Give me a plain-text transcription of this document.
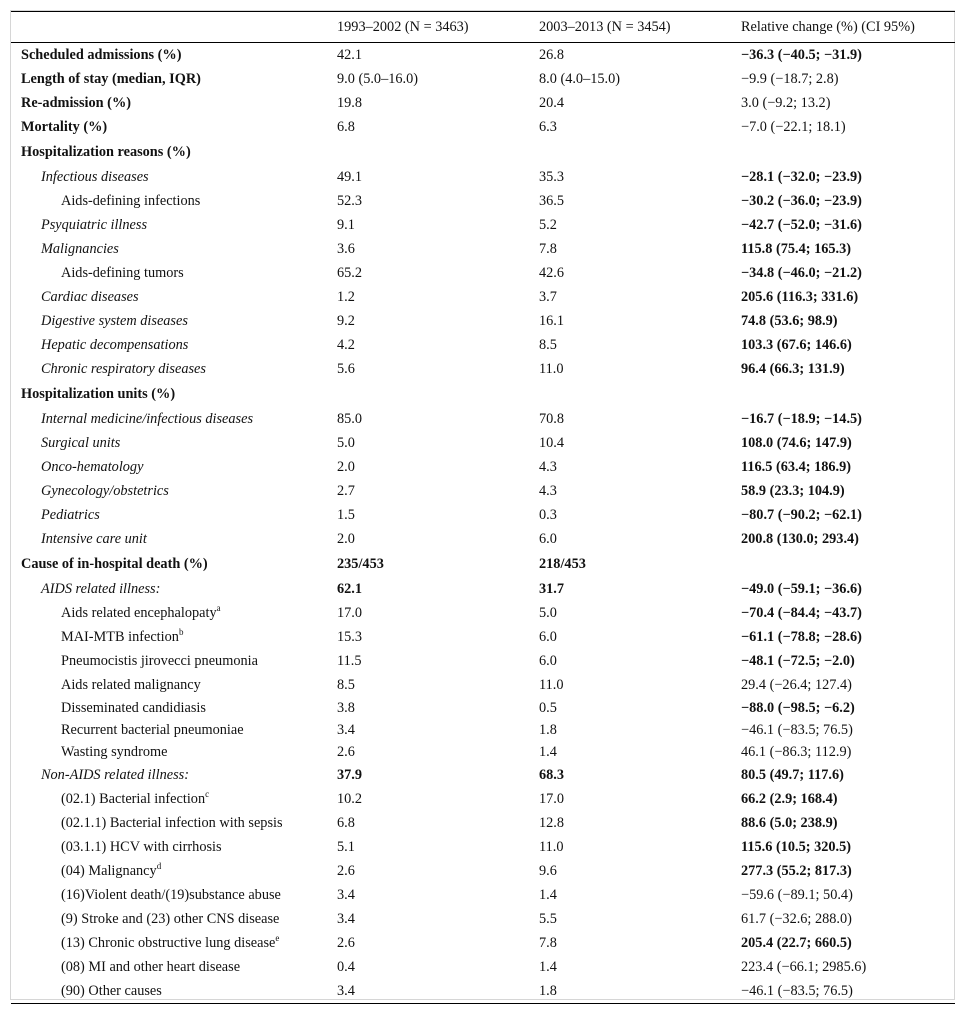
	1993–2002 (N = 3463)	2003–2013 (N = 3454)	Relative change (%) (CI 95%)
Scheduled admissions (%)	42.1	26.8	−36.3 (−40.5; −31.9)
Length of stay (median, IQR)	9.0 (5.0–16.0)	8.0 (4.0–15.0)	−9.9 (−18.7; 2.8)
Re-admission (%)	19.8	20.4	3.0 (−9.2; 13.2)
Mortality (%)	6.8	6.3	−7.0 (−22.1; 18.1)
Hospitalization reasons (%)			
Infectious diseases	49.1	35.3	−28.1 (−32.0; −23.9)
Aids-defining infections	52.3	36.5	−30.2 (−36.0; −23.9)
Psyquiatric illness	9.1	5.2	−42.7 (−52.0; −31.6)
Malignancies	3.6	7.8	115.8 (75.4; 165.3)
Aids-defining tumors	65.2	42.6	−34.8 (−46.0; −21.2)
Cardiac diseases	1.2	3.7	205.6 (116.3; 331.6)
Digestive system diseases	9.2	16.1	74.8 (53.6; 98.9)
Hepatic decompensations	4.2	8.5	103.3 (67.6; 146.6)
Chronic respiratory diseases	5.6	11.0	96.4 (66.3; 131.9)
Hospitalization units (%)			
Internal medicine/infectious diseases	85.0	70.8	−16.7 (−18.9; −14.5)
Surgical units	5.0	10.4	108.0 (74.6; 147.9)
Onco-hematology	2.0	4.3	116.5 (63.4; 186.9)
Gynecology/obstetrics	2.7	4.3	58.9 (23.3; 104.9)
Pediatrics	1.5	0.3	−80.7 (−90.2; −62.1)
Intensive care unit	2.0	6.0	200.8 (130.0; 293.4)
Cause of in-hospital death (%)	235/453	218/453	
AIDS related illness:	62.1	31.7	−49.0 (−59.1; −36.6)
Aids related encephalopaty$^a$	17.0	5.0	−70.4 (−84.4; −43.7)
MAI-MTB infection$^b$	15.3	6.0	−61.1 (−78.8; −28.6)
Pneumocistis jirovecci pneumonia	11.5	6.0	−48.1 (−72.5; −2.0)
Aids related malignancy	8.5	11.0	29.4 (−26.4; 127.4)
Disseminated candidiasis	3.8	0.5	−88.0 (−98.5; −6.2)
Recurrent bacterial pneumoniae	3.4	1.8	−46.1 (−83.5; 76.5)
Wasting syndrome	2.6	1.4	46.1 (−86.3; 112.9)
Non-AIDS related illness:	37.9	68.3	80.5 (49.7; 117.6)
(02.1) Bacterial infection$^c$	10.2	17.0	66.2 (2.9; 168.4)
(02.1.1) Bacterial infection with sepsis	6.8	12.8	88.6 (5.0; 238.9)
(03.1.1) HCV with cirrhosis	5.1	11.0	115.6 (10.5; 320.5)
(04) Malignancy$^d$	2.6	9.6	277.3 (55.2; 817.3)
(16)Violent death/(19)substance abuse	3.4	1.4	−59.6 (−89.1; 50.4)
(9) Stroke and (23) other CNS disease	3.4	5.5	61.7 (−32.6; 288.0)
(13) Chronic obstructive lung disease$^e$	2.6	7.8	205.4 (22.7; 660.5)
(08) MI and other heart disease	0.4	1.4	223.4 (−66.1; 2985.6)
(90) Other causes	3.4	1.8	−46.1 (−83.5; 76.5)
